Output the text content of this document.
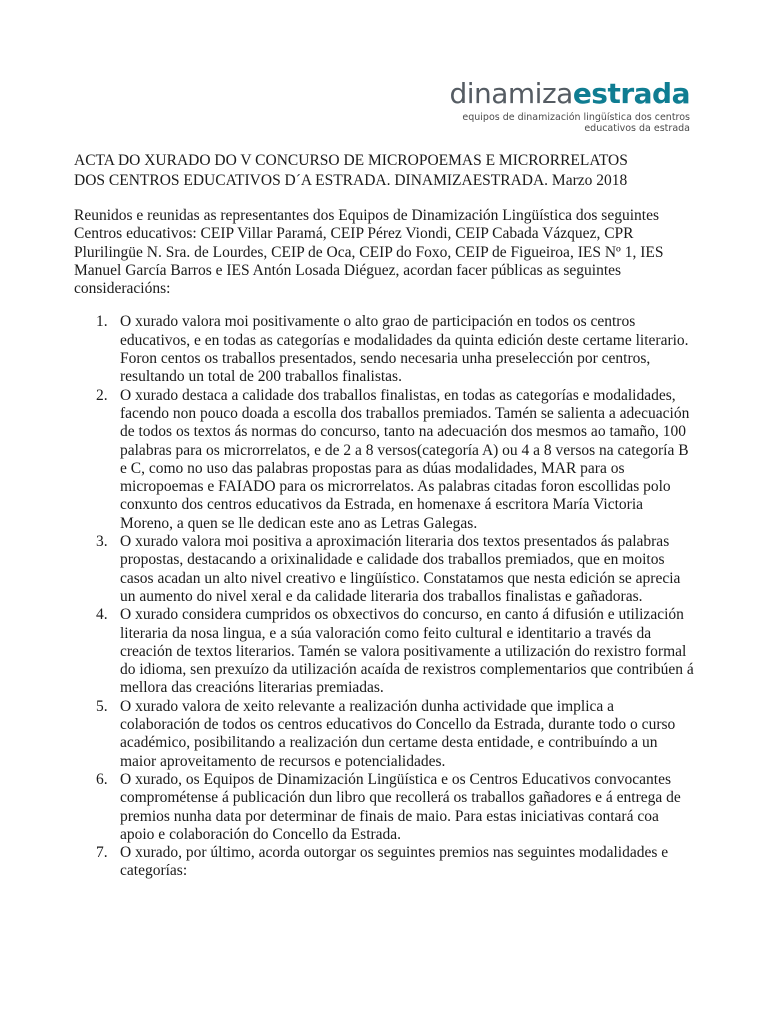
dinamizaestrada
equipos de dinamización lingüística dos centros
educativos da estrada
ACTA DO XURADO DO V CONCURSO DE MICROPOEMAS E MICRORRELATOS
DOS CENTROS EDUCATIVOS D´A ESTRADA. DINAMIZAESTRADA. Marzo 2018

Reunidos e reunidas as representantes dos Equipos de Dinamización Lingüística dos seguintes Centros educativos: CEIP Villar Paramá, CEIP Pérez Viondi, CEIP Cabada Vázquez, CPR Plurilingüe N. Sra. de Lourdes, CEIP de Oca, CEIP do Foxo, CEIP de Figueiroa, IES Nº 1, IES Manuel García Barros e IES Antón Losada Diéguez, acordan facer públicas as seguintes consideracións:

1. O xurado valora moi positivamente o alto grao de participación en todos os centros educativos, e en todas as categorías e modalidades da quinta edición deste certame literario. Foron centos os traballos presentados, sendo necesaria unha preselección por centros, resultando un total de 200 traballos finalistas.
2. O xurado destaca a calidade dos traballos finalistas, en todas as categorías e modalidades, facendo non pouco doada a escolla dos traballos premiados. Tamén se salienta a adecuación de todos os textos ás normas do concurso, tanto na adecuación dos mesmos ao tamaño, 100 palabras para os microrrelatos, e de 2 a 8 versos(categoría A) ou 4 a 8 versos na categoría B e C, como no uso das palabras propostas para as dúas modalidades, MAR para os micropoemas e FAIADO para os microrrelatos. As palabras citadas foron escollidas polo conxunto dos centros educativos da Estrada, en homenaxe á escritora María Victoria Moreno, a quen se lle dedican este ano as Letras Galegas.
3. O xurado valora moi positiva a aproximación literaria dos textos presentados ás palabras propostas, destacando a orixinalidade e calidade dos traballos premiados, que en moitos casos acadan un alto nivel creativo e lingüístico. Constatamos que nesta edición se aprecia un aumento do nivel xeral e da calidade literaria dos traballos finalistas e gañadoras.
4. O xurado considera cumpridos os obxectivos do concurso, en canto á difusión e utilización literaria da nosa lingua, e a súa valoración como feito cultural e identitario a través da creación de textos literarios. Tamén se valora positivamente a utilización do rexistro formal do idioma, sen prexuízo da utilización acaída de rexistros complementarios que contribúen á mellora das creacións literarias premiadas.
5. O xurado valora de xeito relevante a realización dunha actividade que implica a colaboración de todos os centros educativos do Concello da Estrada, durante todo o curso académico, posibilitando a realización dun certame desta entidade, e contribuíndo a un maior aproveitamento de recursos e potencialidades.
6. O xurado, os Equipos de Dinamización Lingüística e os Centros Educativos convocantes comprométense á publicación dun libro que recollerá os traballos gañadores e á entrega de premios nunha data por determinar de finais de maio. Para estas iniciativas contará coa apoio e colaboración do Concello da Estrada.
7. O xurado, por último, acorda outorgar os seguintes premios nas seguintes modalidades e categorías:
